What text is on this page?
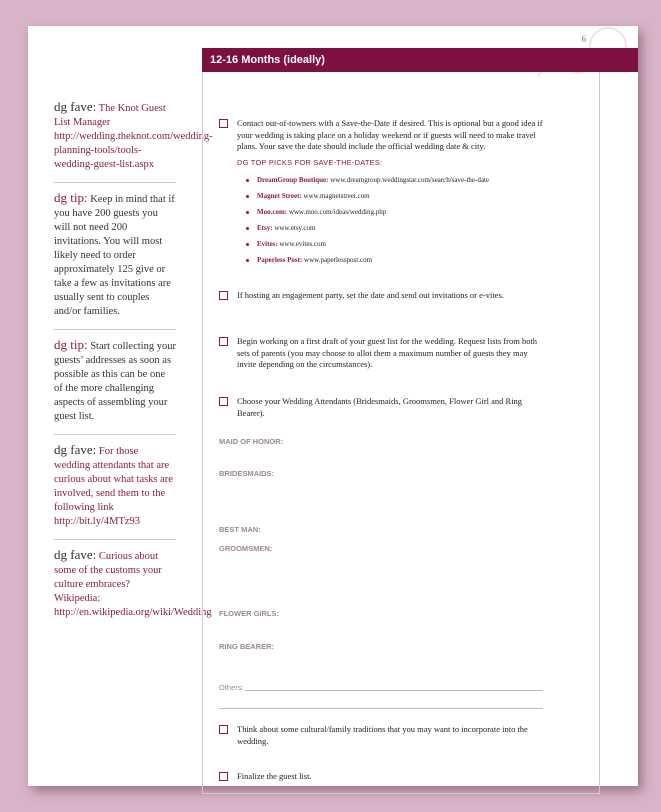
6
dg fave: The Knot Guest List Manager http://wedding.theknot.com/wedding-planning-tools/tools-wedding-guest-list.aspx
dg tip: Keep in mind that if you have 200 guests you will not need 200 invitations. You will most likely need to order approximately 125 give or take a few as invitations are usually sent to couples and/or families.
dg tip: Start collecting your guests’ addresses as soon as possible as this can be one of the more challenging aspects of assembling your guest list.
dg fave: For those wedding attendants that are curious about what tasks are involved, send them to the following link http://bit.ly/4MTz93
dg fave: Curious about some of the customs your culture embraces? Wikipedia: http://en.wikipedia.org/wiki/Wedding
12-16 Months (ideally)
Contact out-of-towners with a Save-the-Date if desired. This is optional but a good idea if your wedding is taking place on a holiday weekend or if guests will need to make travel plans. Your save the date should include the official wedding date & city.
DG TOP PICKS FOR SAVE-THE-DATES:
DreamGroup Boutique: www.dreamgroup.weddingstar.com/search/save-the-date
Magnet Street: www.magnetstreet.com
Moo.com: www.moo.com/ideas/wedding.php
Etsy: www.etsy.com
Evites: www.evites.com
Paperless Post: www.paperlesspost.com
If hosting an engagement party, set the date and send out invitations or e-vites.
Begin working on a first draft of your guest list for the wedding. Request lists from both sets of parents (you may choose to allot them a maximum number of guests they may invite depending on the circumstances).
Choose your Wedding Attendants (Bridesmaids, Groomsmen, Flower Girl and Ring Bearer).
MAID OF HONOR:
BRIDESMAIDS:
BEST MAN:
GROOMSMEN:
FLOWER GIRLS:
RING BEARER:
Others:
Think about some cultural/family traditions that you may want to incorporate into the wedding.
Finalize the guest list.
